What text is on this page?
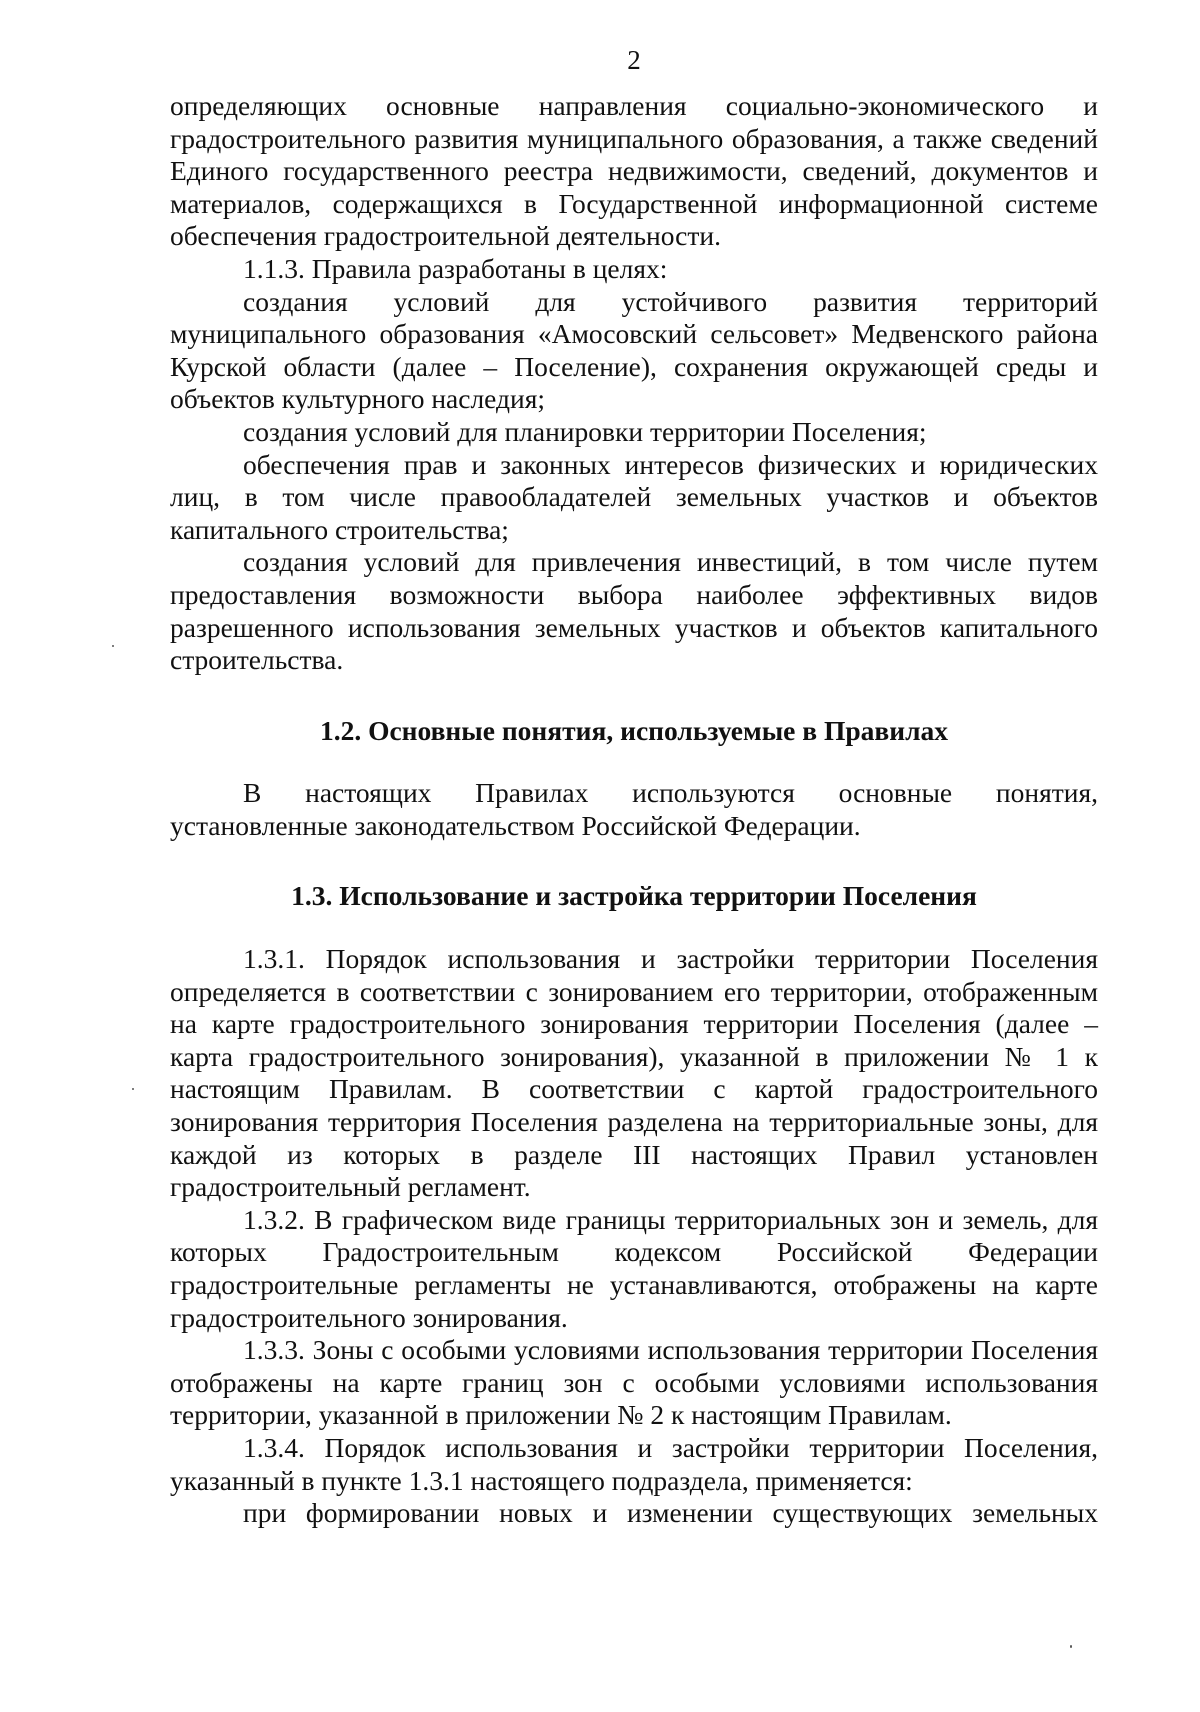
2

определяющих основные направления социально-экономического и градостроительного развития муниципального образования, а также сведений Единого государственного реестра недвижимости, сведений, документов и материалов, содержащихся в Государственной информационной системе обеспечения градостроительной деятельности.

1.1.3. Правила разработаны в целях:

создания условий для устойчивого развития территорий муниципального образования «Амосовский сельсовет» Медвенского района Курской области (далее – Поселение), сохранения окружающей среды и объектов культурного наследия;

создания условий для планировки территории Поселения;

обеспечения прав и законных интересов физических и юридических лиц, в том числе правообладателей земельных участков и объектов капитального строительства;

создания условий для привлечения инвестиций, в том числе путем предоставления возможности выбора наиболее эффективных видов разрешенного использования земельных участков и объектов капитального строительства.

1.2. Основные понятия, используемые в Правилах

В настоящих Правилах используются основные понятия, установленные законодательством Российской Федерации.

1.3. Использование и застройка территории Поселения

1.3.1. Порядок использования и застройки территории Поселения определяется в соответствии с зонированием его территории, отображенным на карте градостроительного зонирования территории Поселения (далее – карта градостроительного зонирования), указанной в приложении № 1 к настоящим Правилам. В соответствии с картой градостроительного зонирования территория Поселения разделена на территориальные зоны, для каждой из которых в разделе III настоящих Правил установлен градостроительный регламент.

1.3.2. В графическом виде границы территориальных зон и земель, для которых Градостроительным кодексом Российской Федерации градостроительные регламенты не устанавливаются, отображены на карте градостроительного зонирования.

1.3.3. Зоны с особыми условиями использования территории Поселения отображены на карте границ зон с особыми условиями использования территории, указанной в приложении № 2 к настоящим Правилам.

1.3.4. Порядок использования и застройки территории Поселения, указанный в пункте 1.3.1 настоящего подраздела, применяется:

при формировании новых и изменении существующих земельных
